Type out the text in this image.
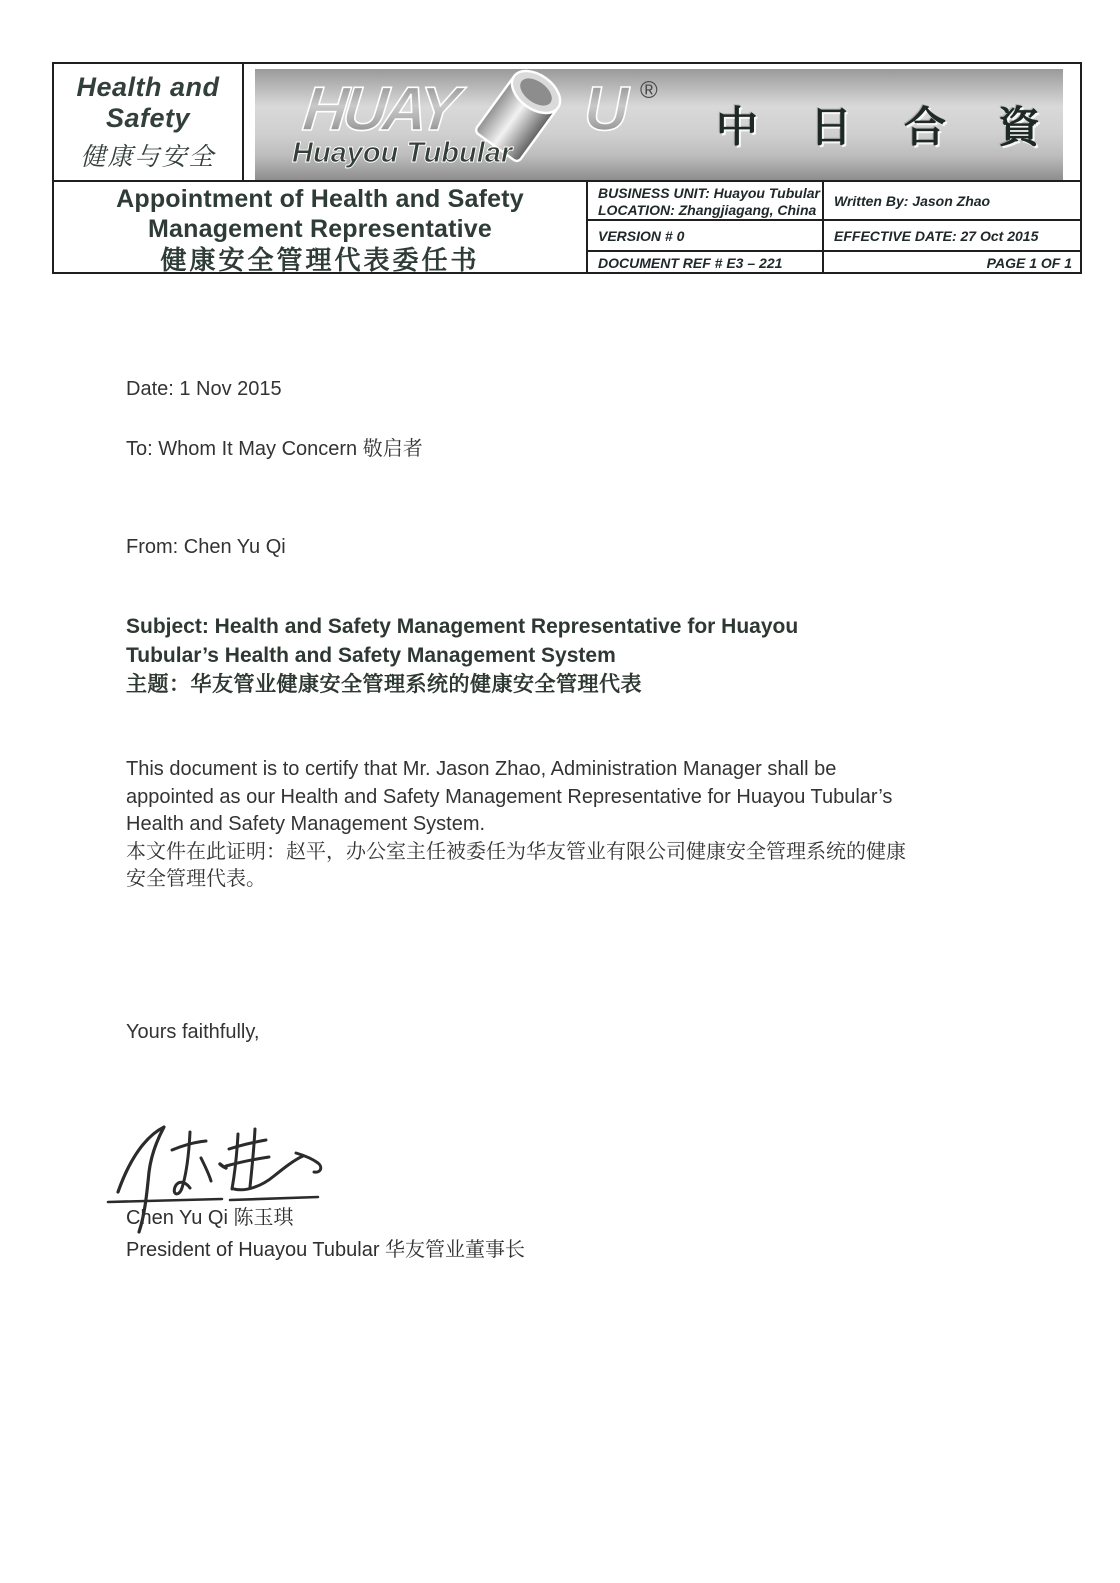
Health and
Safety
健康与安全
HUAY U ®
Huayou Tubular
中日合資
Appointment of Health and Safety
Management Representative
健康安全管理代表委任书
BUSINESS UNIT: Huayou Tubular
LOCATION: Zhangjiagang, China
Written By: Jason Zhao
VERSION # 0	EFFECTIVE DATE: 27 Oct 2015
DOCUMENT REF # E3 – 221	PAGE 1 OF 1
Date: 1 Nov 2015
To: Whom It May Concern 敬启者
From: Chen Yu Qi
Subject: Health and Safety Management Representative for Huayou
Tubular’s Health and Safety Management System
主题：华友管业健康安全管理系统的健康安全管理代表
This document is to certify that Mr. Jason Zhao, Administration Manager shall be
appointed as our Health and Safety Management Representative for Huayou Tubular’s
Health and Safety Management System.
本文件在此证明：赵平，办公室主任被委任为华友管业有限公司健康安全管理系统的健康
安全管理代表。
Yours faithfully,
Chen Yu Qi 陈玉琪
President of Huayou Tubular 华友管业董事长
